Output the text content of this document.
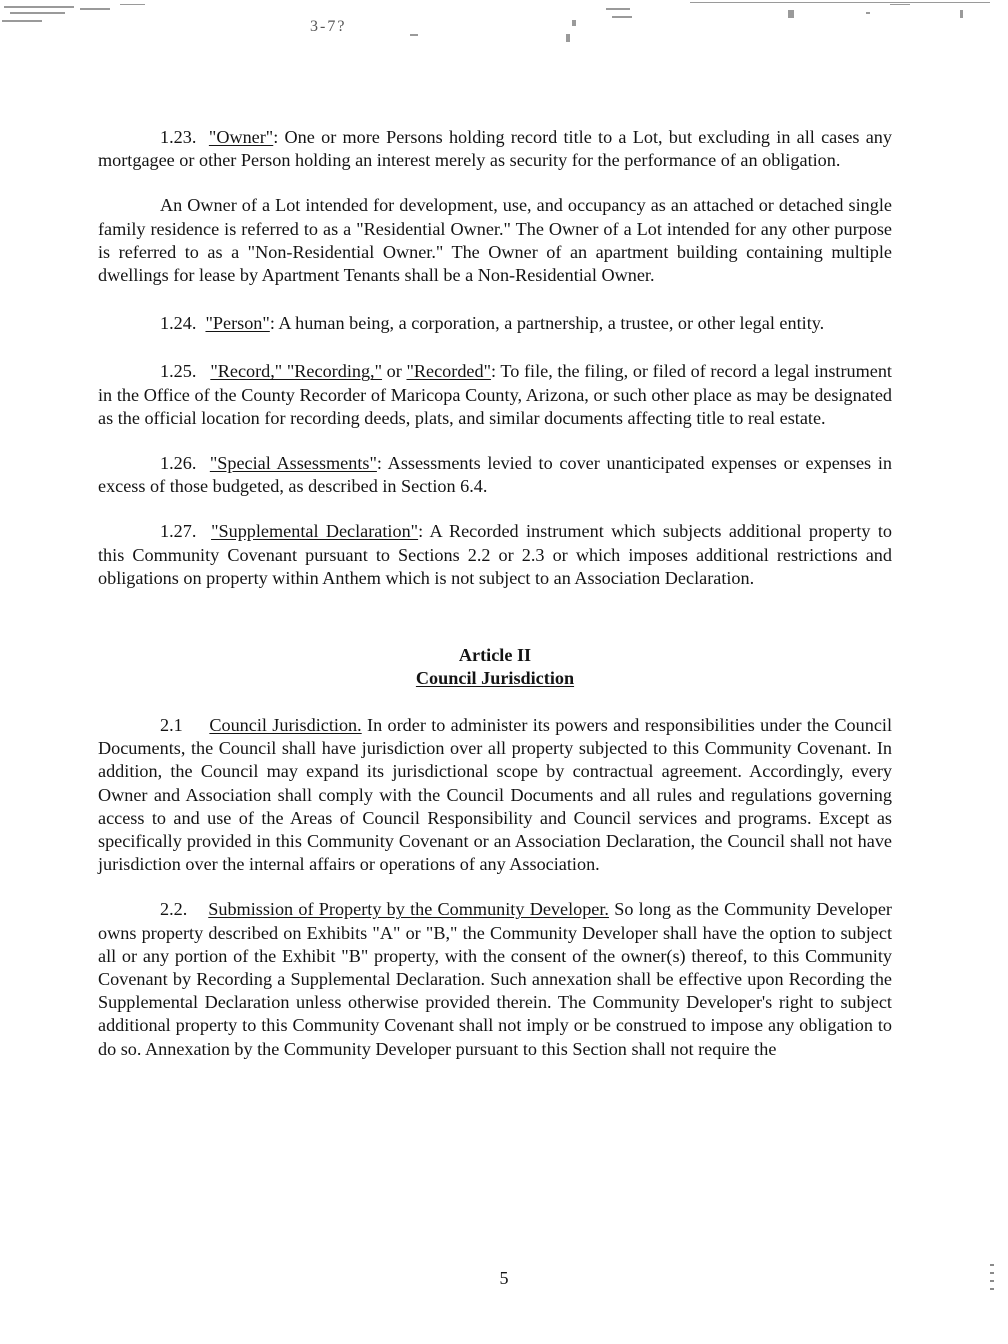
3-7?

1.23. "Owner": One or more Persons holding record title to a Lot, but excluding in all cases any mortgagee or other Person holding an interest merely as security for the performance of an obligation.

An Owner of a Lot intended for development, use, and occupancy as an attached or detached single family residence is referred to as a "Residential Owner." The Owner of a Lot intended for any other purpose is referred to as a "Non-Residential Owner." The Owner of an apartment building containing multiple dwellings for lease by Apartment Tenants shall be a Non-Residential Owner.

1.24. "Person": A human being, a corporation, a partnership, a trustee, or other legal entity.

1.25. "Record," "Recording," or "Recorded": To file, the filing, or filed of record a legal instrument in the Office of the County Recorder of Maricopa County, Arizona, or such other place as may be designated as the official location for recording deeds, plats, and similar documents affecting title to real estate.

1.26. "Special Assessments": Assessments levied to cover unanticipated expenses or expenses in excess of those budgeted, as described in Section 6.4.

1.27. "Supplemental Declaration": A Recorded instrument which subjects additional property to this Community Covenant pursuant to Sections 2.2 or 2.3 or which imposes additional restrictions and obligations on property within Anthem which is not subject to an Association Declaration.

Article II

Council Jurisdiction

2.1 Council Jurisdiction. In order to administer its powers and responsibilities under the Council Documents, the Council shall have jurisdiction over all property subjected to this Community Covenant. In addition, the Council may expand its jurisdictional scope by contractual agreement. Accordingly, every Owner and Association shall comply with the Council Documents and all rules and regulations governing access to and use of the Areas of Council Responsibility and Council services and programs. Except as specifically provided in this Community Covenant or an Association Declaration, the Council shall not have jurisdiction over the internal affairs or operations of any Association.

2.2. Submission of Property by the Community Developer. So long as the Community Developer owns property described on Exhibits "A" or "B," the Community Developer shall have the option to subject all or any portion of the Exhibit "B" property, with the consent of the owner(s) thereof, to this Community Covenant by Recording a Supplemental Declaration. Such annexation shall be effective upon Recording the Supplemental Declaration unless otherwise provided therein. The Community Developer's right to subject additional property to this Community Covenant shall not imply or be construed to impose any obligation to do so. Annexation by the Community Developer pursuant to this Section shall not require the

5
